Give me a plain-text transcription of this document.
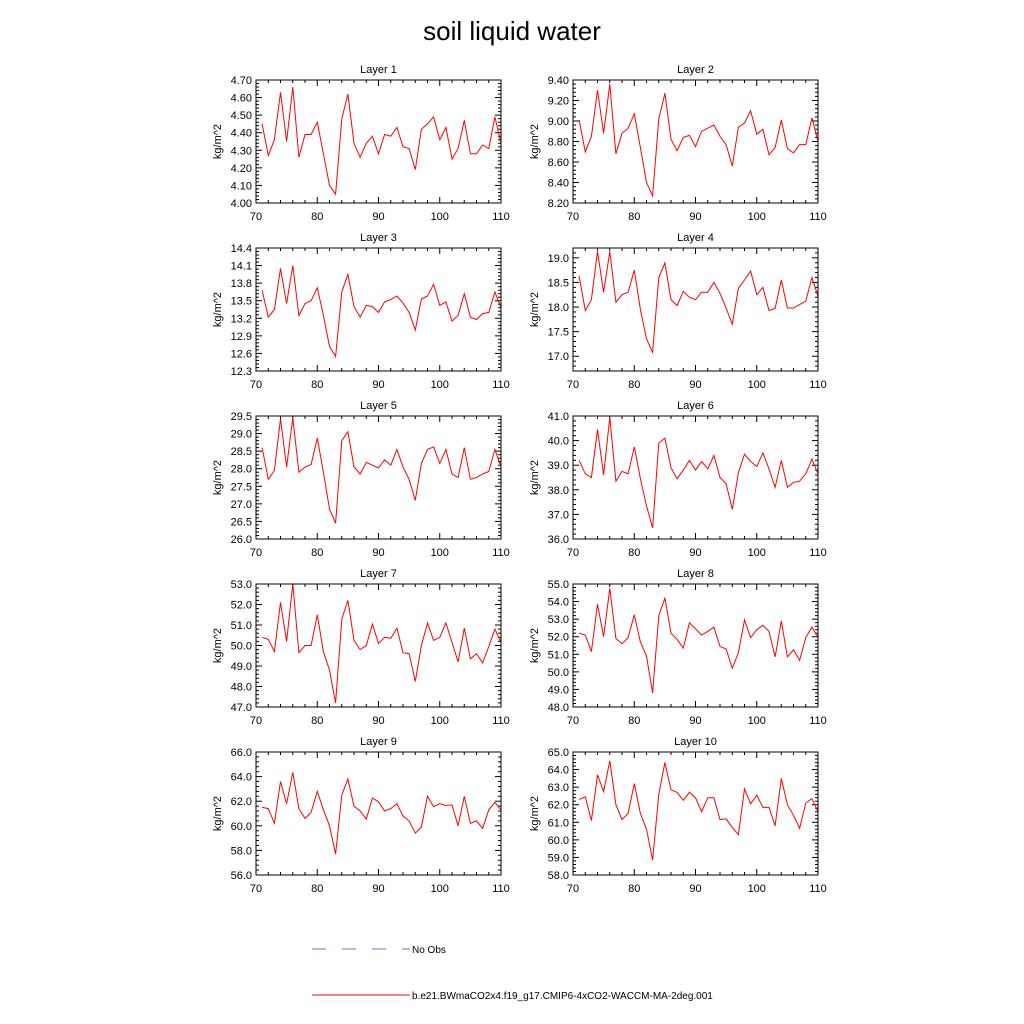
soil liquid water
Layer 1
kg/m^2
70	80	90	100	110
4.00
4.10
4.20
4.30
4.40
4.50
4.60
4.70
Layer 2
kg/m^2
70	80	90	100	110
8.20
8.40
8.60
8.80
9.00
9.20
9.40
Layer 3
kg/m^2
70	80	90	100	110
12.3
12.6
12.9
13.2
13.5
13.8
14.1
14.4
Layer 4
kg/m^2
70	80	90	100	110
17.0
17.5
18.0
18.5
19.0
Layer 5
kg/m^2
70	80	90	100	110
26.0
26.5
27.0
27.5
28.0
28.5
29.0
29.5
Layer 6
kg/m^2
70	80	90	100	110
36.0
37.0
38.0
39.0
40.0
41.0
Layer 7
kg/m^2
70	80	90	100	110
47.0
48.0
49.0
50.0
51.0
52.0
53.0
Layer 8
kg/m^2
70	80	90	100	110
48.0
49.0
50.0
51.0
52.0
53.0
54.0
55.0
Layer 9
kg/m^2
70	80	90	100	110
56.0
58.0
60.0
62.0
64.0
66.0
Layer 10
kg/m^2
70	80	90	100	110
58.0
59.0
60.0
61.0
62.0
63.0
64.0
65.0
No Obs
b.e21.BWmaCO2x4.f19_g17.CMIP6-4xCO2-WACCM-MA-2deg.001
